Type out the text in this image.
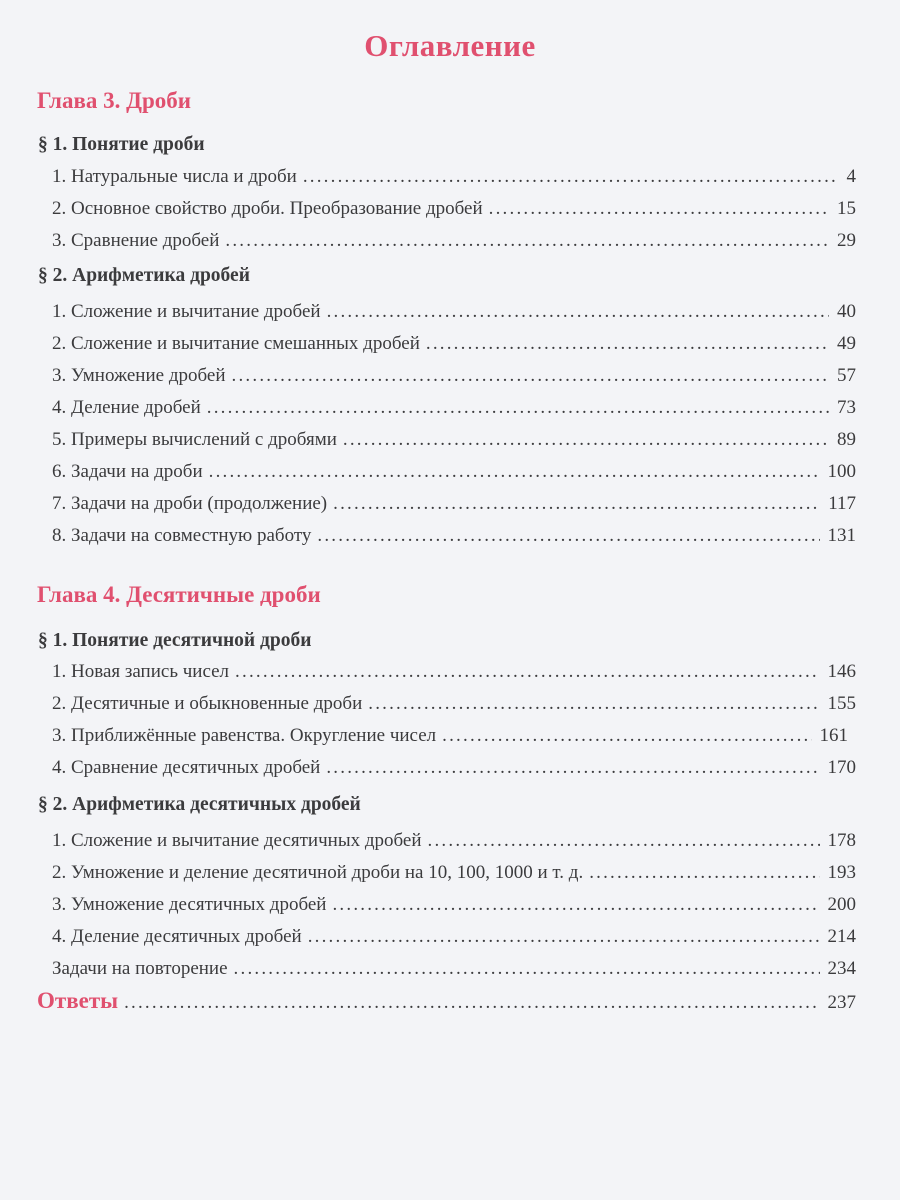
Оглавление
Глава 3. Дроби
§ 1. Понятие дроби
1. Натуральные числа и дроби .....	4
2. Основное свойство дроби. Преобразование дробей .....	15
3. Сравнение дробей .....	29
§ 2. Арифметика дробей
1. Сложение и вычитание дробей .....	40
2. Сложение и вычитание смешанных дробей .....	49
3. Умножение дробей .....	57
4. Деление дробей .....	73
5. Примеры вычислений с дробями .....	89
6. Задачи на дроби .....	100
7. Задачи на дроби (продолжение) .....	117
8. Задачи на совместную работу .....	131
Глава 4. Десятичные дроби
§ 1. Понятие десятичной дроби
1. Новая запись чисел .....	146
2. Десятичные и обыкновенные дроби .....	155
3. Приближённые равенства. Округление чисел .....	161
4. Сравнение десятичных дробей .....	170
§ 2. Арифметика десятичных дробей
1. Сложение и вычитание десятичных дробей .....	178
2. Умножение и деление десятичной дроби на 10, 100, 1000 и т. д. .....	193
3. Умножение десятичных дробей .....	200
4. Деление десятичных дробей .....	214
Задачи на повторение .....	234
Ответы .....	237
